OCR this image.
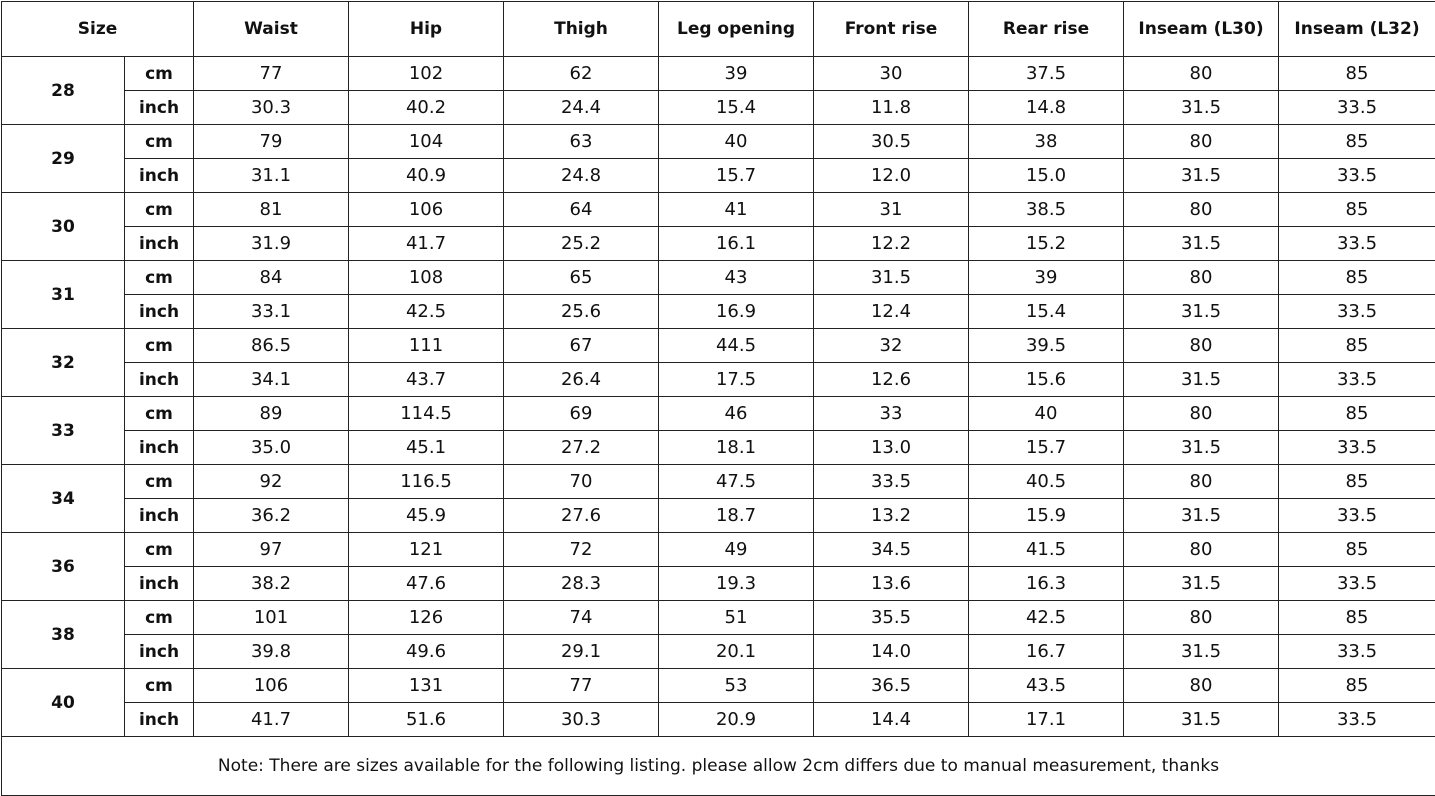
Size		Waist	Hip	Thigh	Leg opening	Front rise	Rear rise	Inseam (L30)	Inseam (L32)
28	cm	77	102	62	39	30	37.5	80	85
	inch	30.3	40.2	24.4	15.4	11.8	14.8	31.5	33.5
29	cm	79	104	63	40	30.5	38	80	85
	inch	31.1	40.9	24.8	15.7	12.0	15.0	31.5	33.5
30	cm	81	106	64	41	31	38.5	80	85
	inch	31.9	41.7	25.2	16.1	12.2	15.2	31.5	33.5
31	cm	84	108	65	43	31.5	39	80	85
	inch	33.1	42.5	25.6	16.9	12.4	15.4	31.5	33.5
32	cm	86.5	111	67	44.5	32	39.5	80	85
	inch	34.1	43.7	26.4	17.5	12.6	15.6	31.5	33.5
33	cm	89	114.5	69	46	33	40	80	85
	inch	35.0	45.1	27.2	18.1	13.0	15.7	31.5	33.5
34	cm	92	116.5	70	47.5	33.5	40.5	80	85
	inch	36.2	45.9	27.6	18.7	13.2	15.9	31.5	33.5
36	cm	97	121	72	49	34.5	41.5	80	85
	inch	38.2	47.6	28.3	19.3	13.6	16.3	31.5	33.5
38	cm	101	126	74	51	35.5	42.5	80	85
	inch	39.8	49.6	29.1	20.1	14.0	16.7	31.5	33.5
40	cm	106	131	77	53	36.5	43.5	80	85
	inch	41.7	51.6	30.3	20.9	14.4	17.1	31.5	33.5
Note: There are sizes available for the following listing. please allow 2cm differs due to manual measurement, thanks									
